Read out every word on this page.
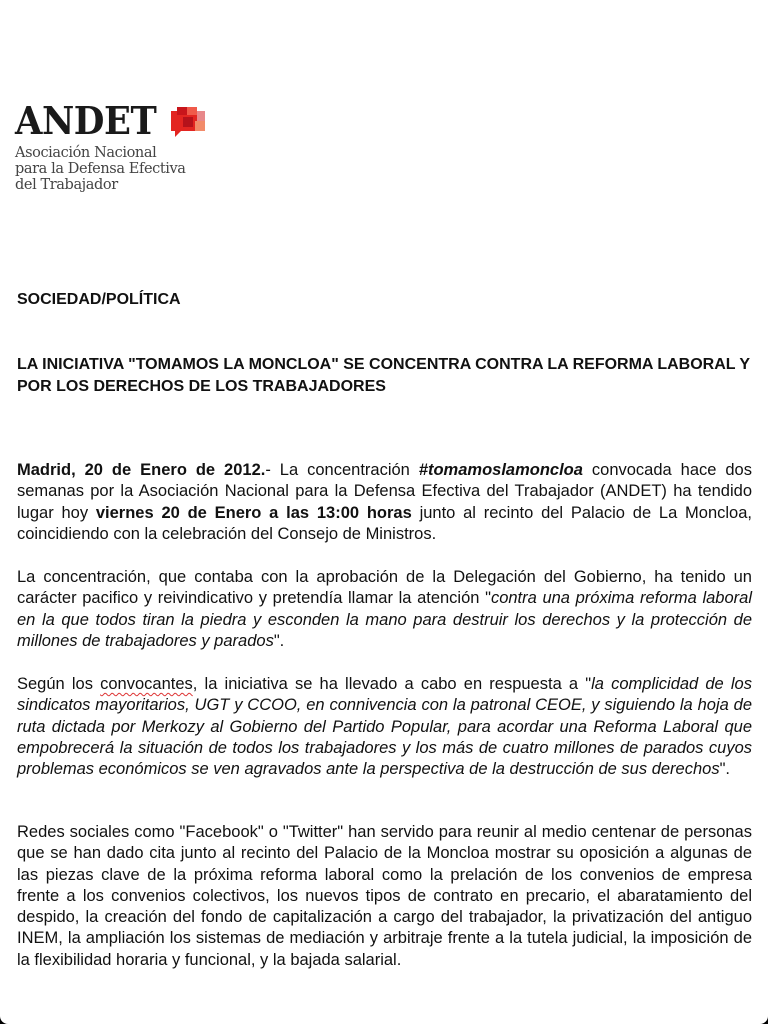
ANDET
Asociación Nacional
para la Defensa Efectiva
del Trabajador
SOCIEDAD/POLÍTICA
LA INICIATIVA "TOMAMOS LA MONCLOA" SE CONCENTRA CONTRA LA REFORMA LABORAL Y POR LOS DERECHOS DE LOS TRABAJADORES

Madrid, 20 de Enero de 2012.- La concentración #tomamoslamoncloa convocada hace dos semanas por la Asociación Nacional para la Defensa Efectiva del Trabajador (ANDET) ha tendido lugar hoy viernes 20 de Enero a las 13:00 horas junto al recinto del Palacio de La Moncloa, coincidiendo con la celebración del Consejo de Ministros.

La concentración, que contaba con la aprobación de la Delegación del Gobierno, ha tenido un carácter pacifico y reivindicativo y pretendía llamar la atención "contra una próxima reforma laboral en la que todos tiran la piedra y esconden la mano para destruir los derechos y la protección de millones de trabajadores y parados".

Según los convocantes, la iniciativa se ha llevado a cabo en respuesta a "la complicidad de los sindicatos mayoritarios, UGT y CCOO, en connivencia con la patronal CEOE, y siguiendo la hoja de ruta dictada por Merkozy al Gobierno del Partido Popular, para acordar una Reforma Laboral que empobrecerá la situación de todos los trabajadores y los más de cuatro millones de parados cuyos problemas económicos se ven agravados ante la perspectiva de la destrucción de sus derechos".

Redes sociales como "Facebook" o "Twitter" han servido para reunir al medio centenar de personas que se han dado cita junto al recinto del Palacio de la Moncloa mostrar su oposición a algunas de las piezas clave de la próxima reforma laboral como la prelación de los convenios de empresa frente a los convenios colectivos, los nuevos tipos de contrato en precario, el abaratamiento del despido, la creación del fondo de capitalización a cargo del trabajador, la privatización del antiguo INEM, la ampliación los sistemas de mediación y arbitraje frente a la tutela judicial, la imposición de la flexibilidad horaria y funcional, y la bajada salarial.
